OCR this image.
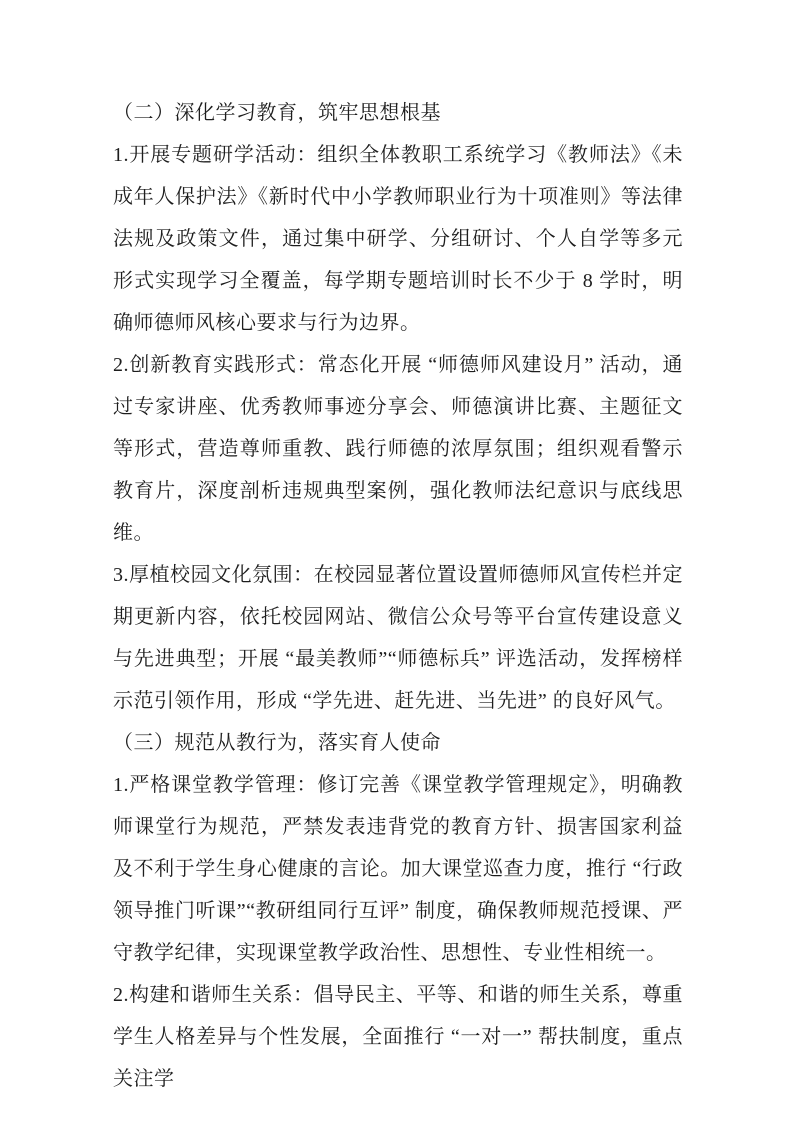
（二）深化学习教育，筑牢思想根基

1.开展专题研学活动：组织全体教职工系统学习《教师法》《未成年人保护法》《新时代中小学教师职业行为十项准则》等法律法规及政策文件，通过集中研学、分组研讨、个人自学等多元形式实现学习全覆盖，每学期专题培训时长不少于 8 学时，明确师德师风核心要求与行为边界。

2.创新教育实践形式：常态化开展 “师德师风建设月” 活动，通过专家讲座、优秀教师事迹分享会、师德演讲比赛、主题征文等形式，营造尊师重教、践行师德的浓厚氛围；组织观看警示教育片，深度剖析违规典型案例，强化教师法纪意识与底线思维。

3.厚植校园文化氛围：在校园显著位置设置师德师风宣传栏并定期更新内容，依托校园网站、微信公众号等平台宣传建设意义与先进典型；开展 “最美教师”“师德标兵” 评选活动，发挥榜样示范引领作用，形成 “学先进、赶先进、当先进” 的良好风气。

（三）规范从教行为，落实育人使命

1.严格课堂教学管理：修订完善《课堂教学管理规定》，明确教师课堂行为规范，严禁发表违背党的教育方针、损害国家利益及不利于学生身心健康的言论。加大课堂巡查力度，推行 “行政领导推门听课”“教研组同行互评” 制度，确保教师规范授课、严守教学纪律，实现课堂教学政治性、思想性、专业性相统一。

2.构建和谐师生关系：倡导民主、平等、和谐的师生关系，尊重学生人格差异与个性发展，全面推行 “一对一” 帮扶制度，重点关注学
